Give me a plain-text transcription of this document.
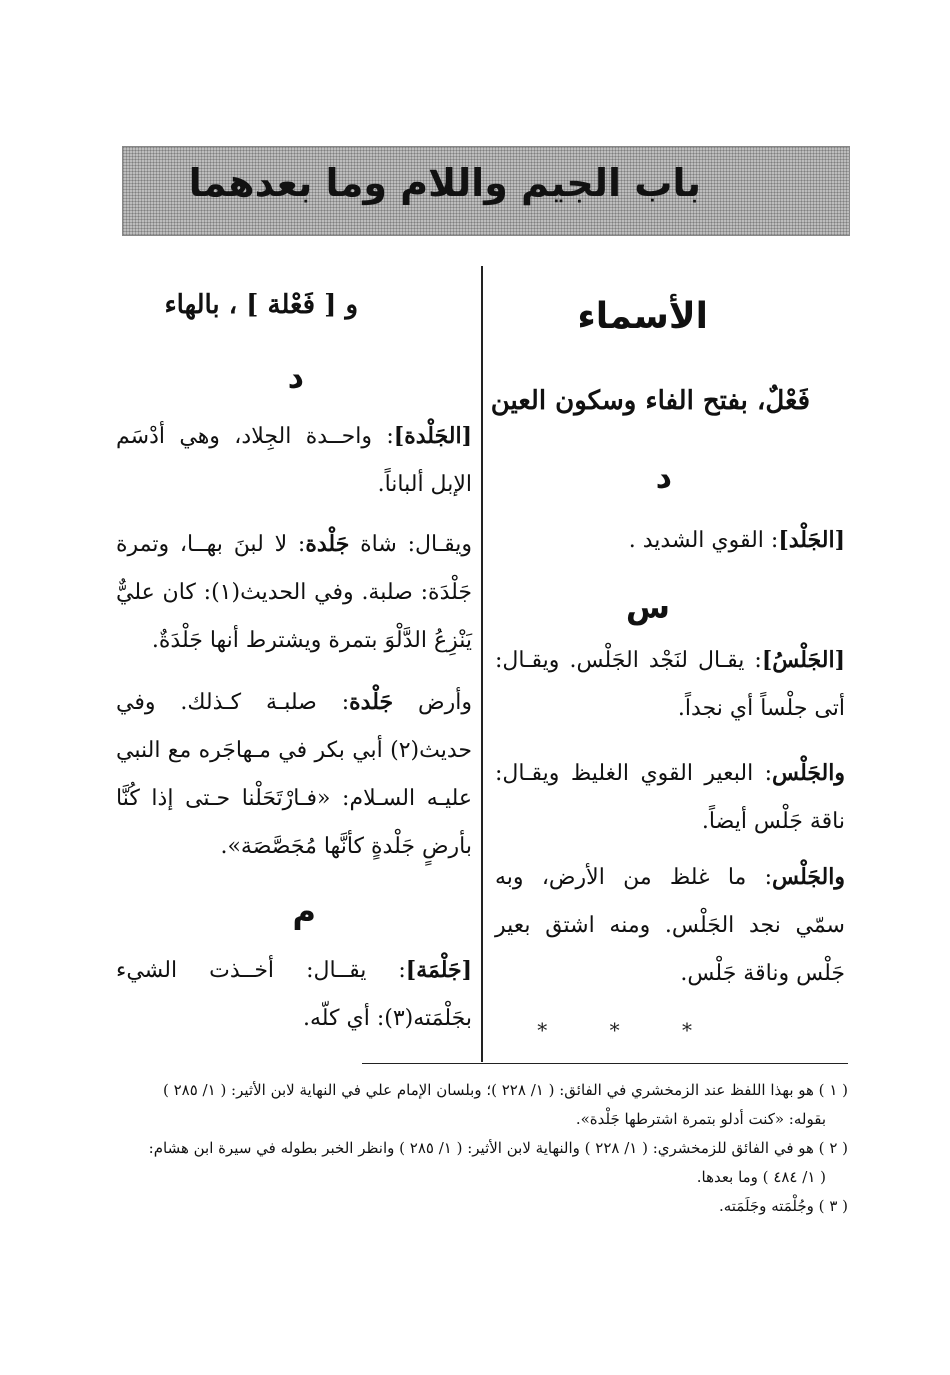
باب الجيم واللام وما بعدهما
الأسماء
فَعْلٌ، بفتح الفاء وسكون العين
د
[الجَلْد]: القوي الشديد .
س
[الجَلْسُ]: يقـال لنَجْد الجَلْس. ويقـال: أتى جلْساً أي نجداً.
والجَلْس: البعير القوي الغليظ ويقـال: ناقة جَلْس أيضاً.
والجَلْس: ما غلظ من الأرض، وبه سمّي نجد الجَلْس. ومنه اشتق بعير جَلْس وناقة جَلْس.
* * *
و [ فَعْلة ] ، بالهاء
د
[الجَلْدة]: واحــدة الجِلاد، وهي أدْسَم الإبل ألباناً.
ويقـال: شاة جَلْدة: لا لبنَ بهــا، وتمرة جَلْدَة: صلبة. وفي الحديث(١): كان عليٌّ يَنْزِعُ الدَّلْوَ بتمرة ويشترط أنها جَلْدَةٌ.
وأرض جَلْدة: صلبـة كـذلك. وفي حديث(٢) أبي بكر في مـهاجَره مع النبي عليـه السـلام: «فـارْتَحَلْنا حـتى إذا كُنَّا بأرضٍ جَلْدةٍ كأنَّها مُجَصَّصَة».
م
[جَلْمَة]: يقــال: أخــذت الشيء بجَلْمَته(٣): أي كلّه.

( ١ ) هو بهذا اللفظ عند الزمخشري في الفائق: ( ١/ ٢٢٨ )؛ وبلسان الإمام علي في النهاية لابن الأثير: ( ١/ ٢٨٥ )
بقوله: «كنت أدلو بتمرة اشترطها جَلْدة».

( ٢ ) هو في الفائق للزمخشري: ( ١/ ٢٢٨ ) والنهاية لابن الأثير: ( ١/ ٢٨٥ ) وانظر الخبر بطوله في سيرة ابن هشام:
( ١/ ٤٨٤ ) وما بعدها.

( ٣ ) وجُلْمَته وجَلَمَته.
